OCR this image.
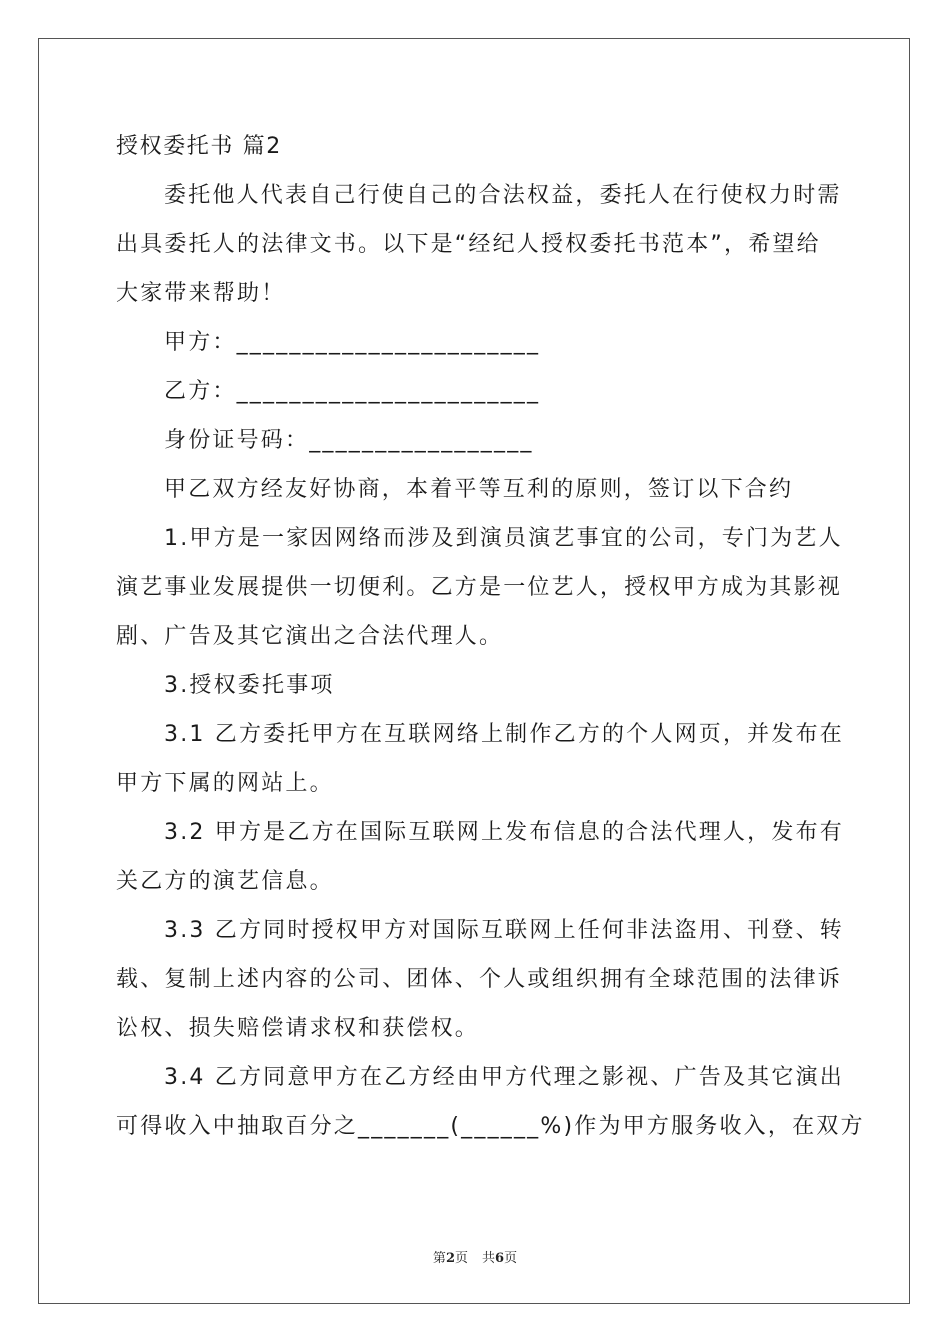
授权委托书 篇2
委托他人代表自己行使自己的合法权益，委托人在行使权力时需
出具委托人的法律文书。以下是“经纪人授权委托书范本”，希望给
大家带来帮助！
甲方：_______________________
乙方：_______________________
身份证号码：_________________
甲乙双方经友好协商，本着平等互利的原则，签订以下合约
1.甲方是一家因网络而涉及到演员演艺事宜的公司，专门为艺人
演艺事业发展提供一切便利。乙方是一位艺人，授权甲方成为其影视
剧、广告及其它演出之合法代理人。
3.授权委托事项
3.1 乙方委托甲方在互联网络上制作乙方的个人网页，并发布在
甲方下属的网站上。
3.2 甲方是乙方在国际互联网上发布信息的合法代理人，发布有
关乙方的演艺信息。
3.3 乙方同时授权甲方对国际互联网上任何非法盗用、刊登、转
载、复制上述内容的公司、团体、个人或组织拥有全球范围的法律诉
讼权、损失赔偿请求权和获偿权。
3.4 乙方同意甲方在乙方经由甲方代理之影视、广告及其它演出
可得收入中抽取百分之_______(______%)作为甲方服务收入，在双方
第2页 共6页
